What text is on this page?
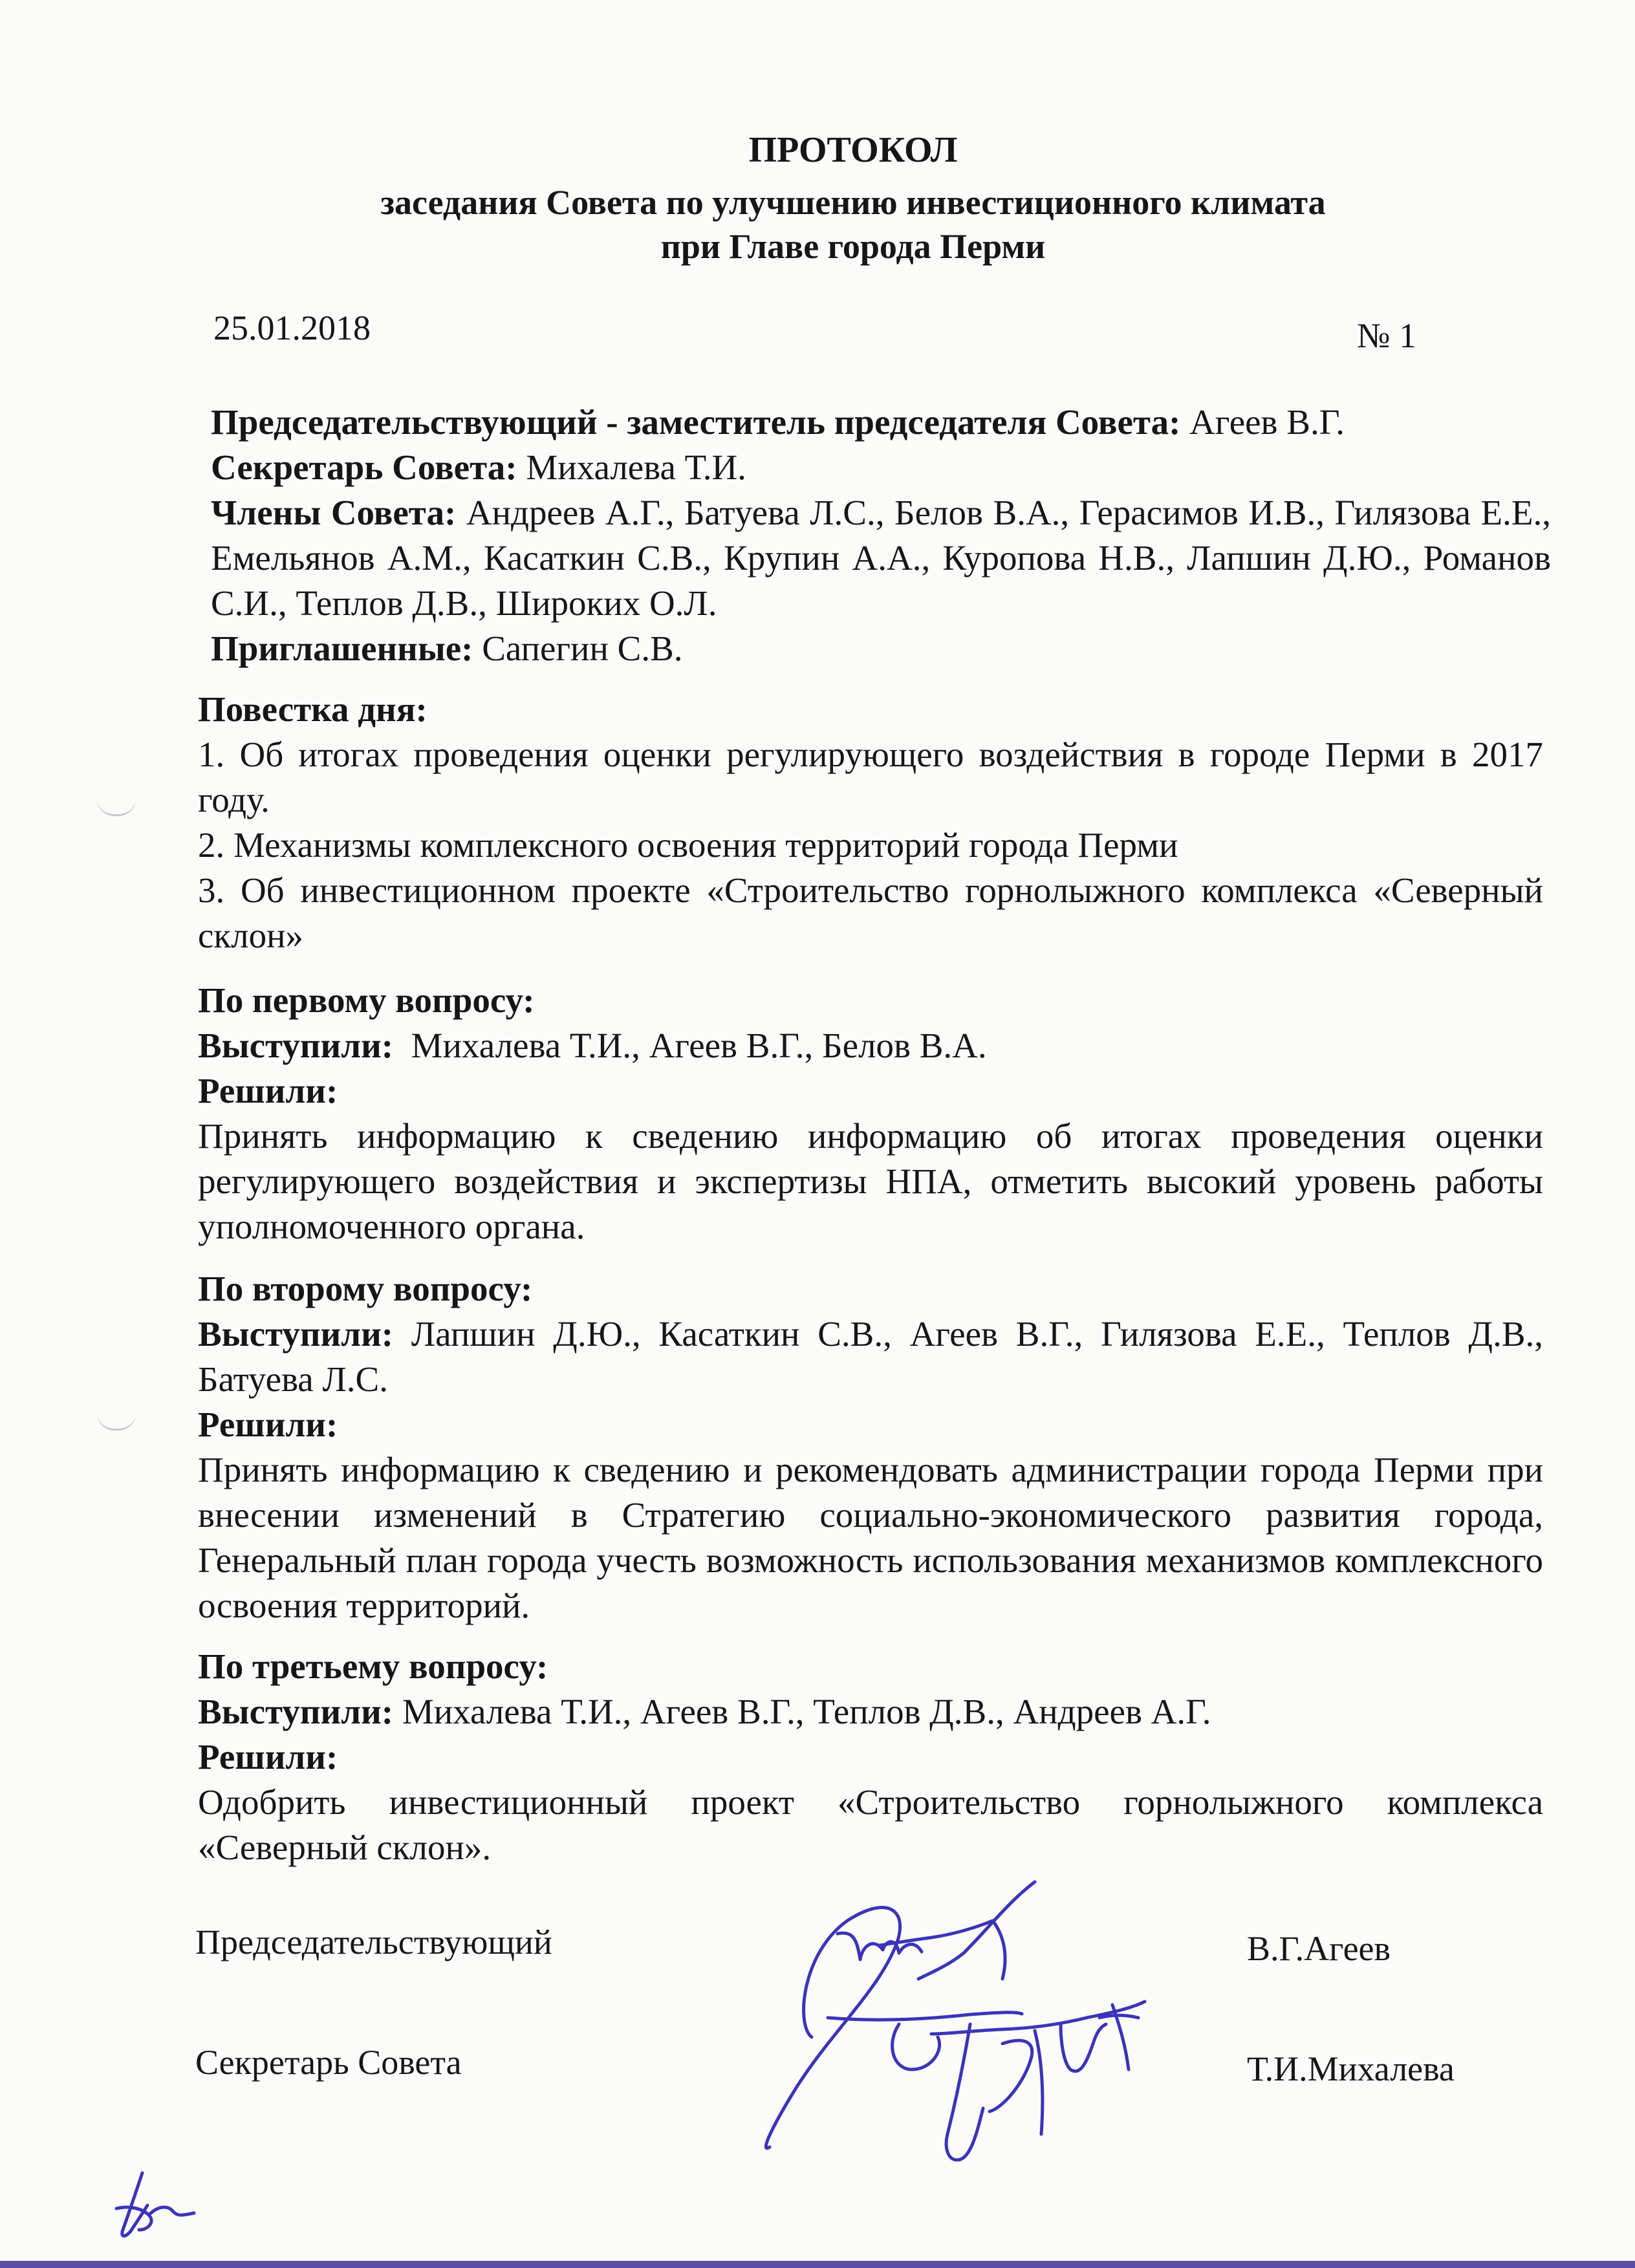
ПРОТОКОЛ
заседания Совета по улучшению инвестиционного климата
при Главе города Перми
25.01.2018	№ 1

Председательствующий - заместитель председателя Совета: Агеев В.Г.

Секретарь Совета: Михалева Т.И.

Члены Совета: Андреев А.Г., Батуева Л.С., Белов В.А., Герасимов И.В., Гилязова Е.Е., Емельянов А.М., Касаткин С.В., Крупин А.А., Куропова Н.В., Лапшин Д.Ю., Романов С.И., Теплов Д.В., Широких О.Л.

Приглашенные: Сапегин С.В.

Повестка дня:

1. Об итогах проведения оценки регулирующего воздействия в городе Перми в 2017 году.

2. Механизмы комплексного освоения территорий города Перми

3. Об инвестиционном проекте «Строительство горнолыжного комплекса «Северный склон»

По первому вопросу:

Выступили: Михалева Т.И., Агеев В.Г., Белов В.А.

Решили:

Принять информацию к сведению информацию об итогах проведения оценки регулирующего воздействия и экспертизы НПА, отметить высокий уровень работы уполномоченного органа.

По второму вопросу:

Выступили: Лапшин Д.Ю., Касаткин С.В., Агеев В.Г., Гилязова Е.Е., Теплов Д.В., Батуева Л.С.

Решили:

Принять информацию к сведению и рекомендовать администрации города Перми при внесении изменений в Стратегию социально-экономического развития города, Генеральный план города учесть возможность использования механизмов комплексного освоения территорий.

По третьему вопросу:

Выступили: Михалева Т.И., Агеев В.Г., Теплов Д.В., Андреев А.Г.

Решили:

Одобрить инвестиционный проект «Строительство горнолыжного комплекса «Северный склон».

Председательствующий	В.Г.Агеев
Секретарь Совета	Т.И.Михалева
